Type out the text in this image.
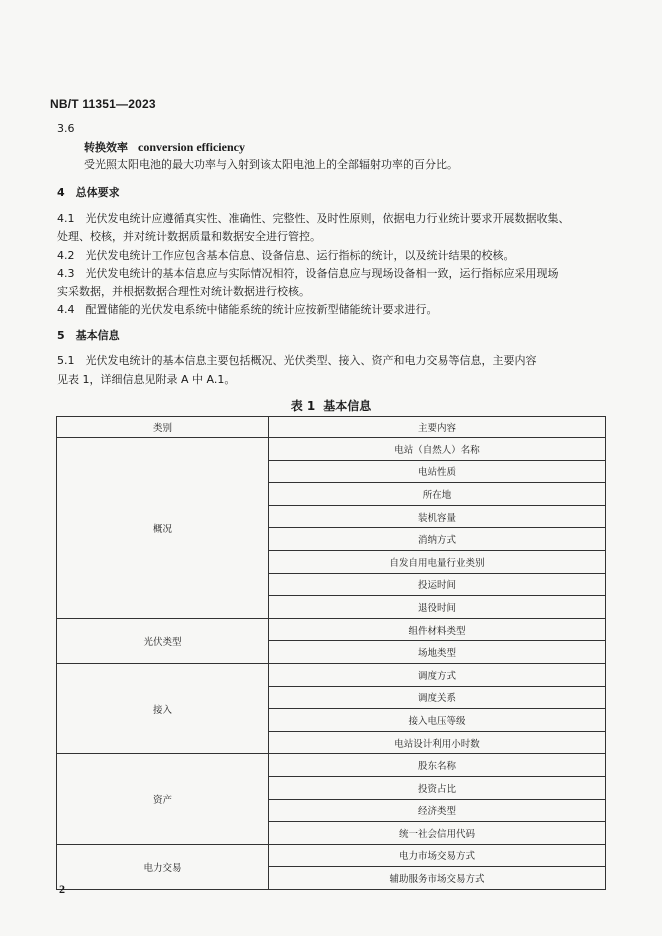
NB/T 11351—2023
3.6
转换效率 conversion efficiency
受光照太阳电池的最大功率与入射到该太阳电池上的全部辐射功率的百分比。
4　总体要求
4.1　光伏发电统计应遵循真实性、准确性、完整性、及时性原则，依据电力行业统计要求开展数据收集、
处理、校核，并对统计数据质量和数据安全进行管控。
4.2　光伏发电统计工作应包含基本信息、设备信息、运行指标的统计，以及统计结果的校核。
4.3　光伏发电统计的基本信息应与实际情况相符，设备信息应与现场设备相一致，运行指标应采用现场
实采数据，并根据数据合理性对统计数据进行校核。
4.4　配置储能的光伏发电系统中储能系统的统计应按新型储能统计要求进行。
5　基本信息
5.1　光伏发电统计的基本信息主要包括概况、光伏类型、接入、资产和电力交易等信息，主要内容
见表 1，详细信息见附录 A 中 A.1。
表 1 基本信息
类别	主要内容
概况	电站（自然人）名称
	电站性质
	所在地
	装机容量
	消纳方式
	自发自用电量行业类别
	投运时间
	退役时间
光伏类型	组件材料类型
	场地类型
接入	调度方式
	调度关系
	接入电压等级
	电站设计利用小时数
资产	股东名称
	投资占比
	经济类型
	统一社会信用代码
电力交易	电力市场交易方式
	辅助服务市场交易方式
2
